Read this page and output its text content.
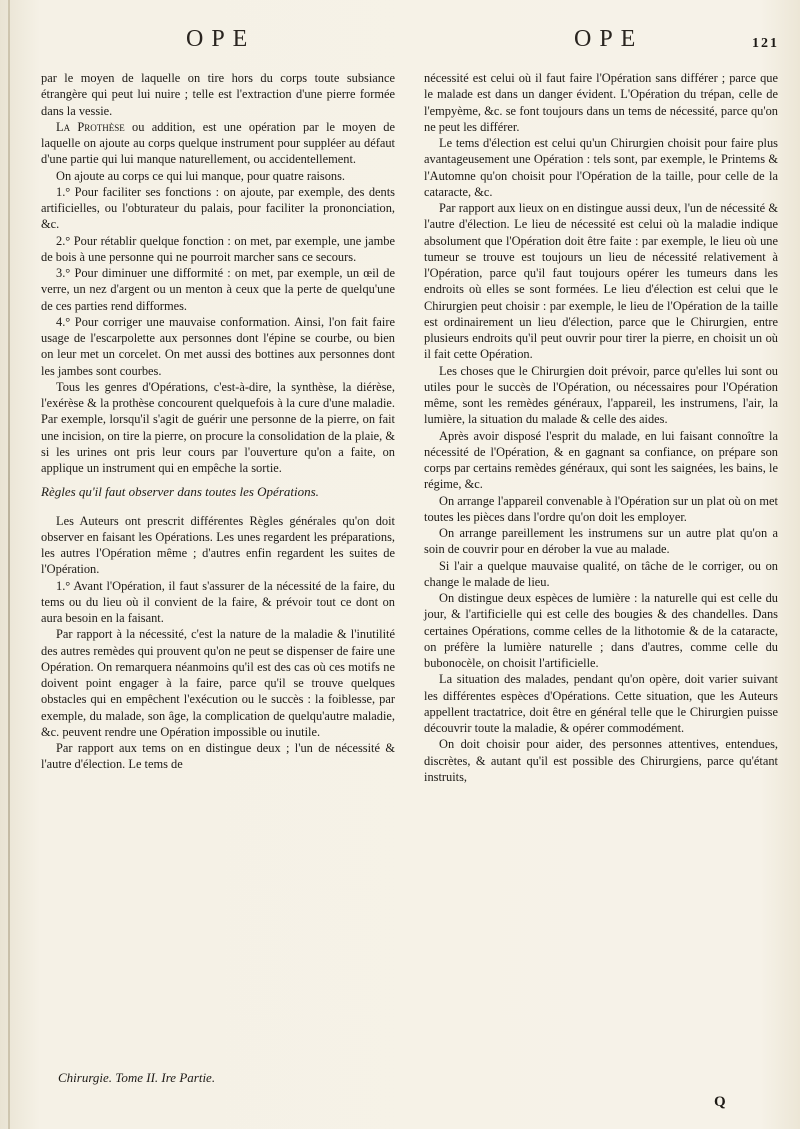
OPE	OPE	121

par le moyen de laquelle on tire hors du corps toute subsiance étrangère qui peut lui nuire ; telle est l'extraction d'une pierre formée dans la vessie.

La Prothèse ou addition, est une opération par le moyen de laquelle on ajoute au corps quelque instrument pour suppléer au défaut d'une partie qui lui manque naturellement, ou accidentellement.

On ajoute au corps ce qui lui manque, pour quatre raisons.

1.° Pour faciliter ses fonctions : on ajoute, par exemple, des dents artificielles, ou l'obturateur du palais, pour faciliter la prononciation, &c.

2.° Pour rétablir quelque fonction : on met, par exemple, une jambe de bois à une personne qui ne pourroit marcher sans ce secours.

3.° Pour diminuer une difformité : on met, par exemple, un œil de verre, un nez d'argent ou un menton à ceux que la perte de quelqu'une de ces parties rend difformes.

4.° Pour corriger une mauvaise conformation. Ainsi, l'on fait faire usage de l'escarpolette aux personnes dont l'épine se courbe, ou bien on leur met un corcelet. On met aussi des bottines aux personnes dont les jambes sont courbes.

Tous les genres d'Opérations, c'est-à-dire, la synthèse, la diérèse, l'exérèse & la prothèse concourent quelquefois à la cure d'une maladie. Par exemple, lorsqu'il s'agit de guérir une personne de la pierre, on fait une incision, on tire la pierre, on procure la consolidation de la plaie, & si les urines ont pris leur cours par l'ouverture qu'on a faite, on applique un instrument qui en empêche la sortie.

Règles qu'il faut observer dans toutes les Opérations.

Les Auteurs ont prescrit différentes Règles générales qu'on doit observer en faisant les Opérations. Les unes regardent les préparations, les autres l'Opération même ; d'autres enfin regardent les suites de l'Opération.

1.° Avant l'Opération, il faut s'assurer de la nécessité de la faire, du tems ou du lieu où il convient de la faire, & prévoir tout ce dont on aura besoin en la faisant.

Par rapport à la nécessité, c'est la nature de la maladie & l'inutilité des autres remèdes qui prouvent qu'on ne peut se dispenser de faire une Opération. On remarquera néanmoins qu'il est des cas où ces motifs ne doivent point engager à la faire, parce qu'il se trouve quelques obstacles qui en empêchent l'exécution ou le succès : la foiblesse, par exemple, du malade, son âge, la complication de quelqu'autre maladie, &c. peuvent rendre une Opération impossible ou inutile.

Par rapport aux tems on en distingue deux ; l'un de nécessité & l'autre d'élection. Le tems de

nécessité est celui où il faut faire l'Opération sans différer ; parce que le malade est dans un danger évident. L'Opération du trépan, celle de l'empyème, &c. se font toujours dans un tems de nécessité, parce qu'on ne peut les différer.

Le tems d'élection est celui qu'un Chirurgien choisit pour faire plus avantageusement une Opération : tels sont, par exemple, le Printems & l'Automne qu'on choisit pour l'Opération de la taille, pour celle de la cataracte, &c.

Par rapport aux lieux on en distingue aussi deux, l'un de nécessité & l'autre d'élection. Le lieu de nécessité est celui où la maladie indique absolument que l'Opération doit être faite : par exemple, le lieu où une tumeur se trouve est toujours un lieu de nécessité relativement à l'Opération, parce qu'il faut toujours opérer les tumeurs dans les endroits où elles se sont formées. Le lieu d'élection est celui que le Chirurgien peut choisir : par exemple, le lieu de l'Opération de la taille est ordinairement un lieu d'élection, parce que le Chirurgien, entre plusieurs endroits qu'il peut ouvrir pour tirer la pierre, en choisit un où il fait cette Opération.

Les choses que le Chirurgien doit prévoir, parce qu'elles lui sont ou utiles pour le succès de l'Opération, ou nécessaires pour l'Opération même, sont les remèdes généraux, l'appareil, les instrumens, l'air, la lumière, la situation du malade & celle des aides.

Après avoir disposé l'esprit du malade, en lui faisant connoître la nécessité de l'Opération, & en gagnant sa confiance, on prépare son corps par certains remèdes généraux, qui sont les saignées, les bains, le régime, &c.

On arrange l'appareil convenable à l'Opération sur un plat où on met toutes les pièces dans l'ordre qu'on doit les employer.

On arrange pareillement les instrumens sur un autre plat qu'on a soin de couvrir pour en dérober la vue au malade.

Si l'air a quelque mauvaise qualité, on tâche de le corriger, ou on change le malade de lieu.

On distingue deux espèces de lumière : la naturelle qui est celle du jour, & l'artificielle qui est celle des bougies & des chandelles. Dans certaines Opérations, comme celles de la lithotomie & de la cataracte, on préfère la lumière naturelle ; dans d'autres, comme celle du bubonocèle, on choisit l'artificielle.

La situation des malades, pendant qu'on opère, doit varier suivant les différentes espèces d'Opérations. Cette situation, que les Auteurs appellent tractatrice, doit être en général telle que le Chirurgien puisse découvrir toute la maladie, & opérer commodément.

On doit choisir pour aider, des personnes attentives, entendues, discrètes, & autant qu'il est possible des Chirurgiens, parce qu'étant instruits,

Chirurgie. Tome II. Ire Partie.
Q
